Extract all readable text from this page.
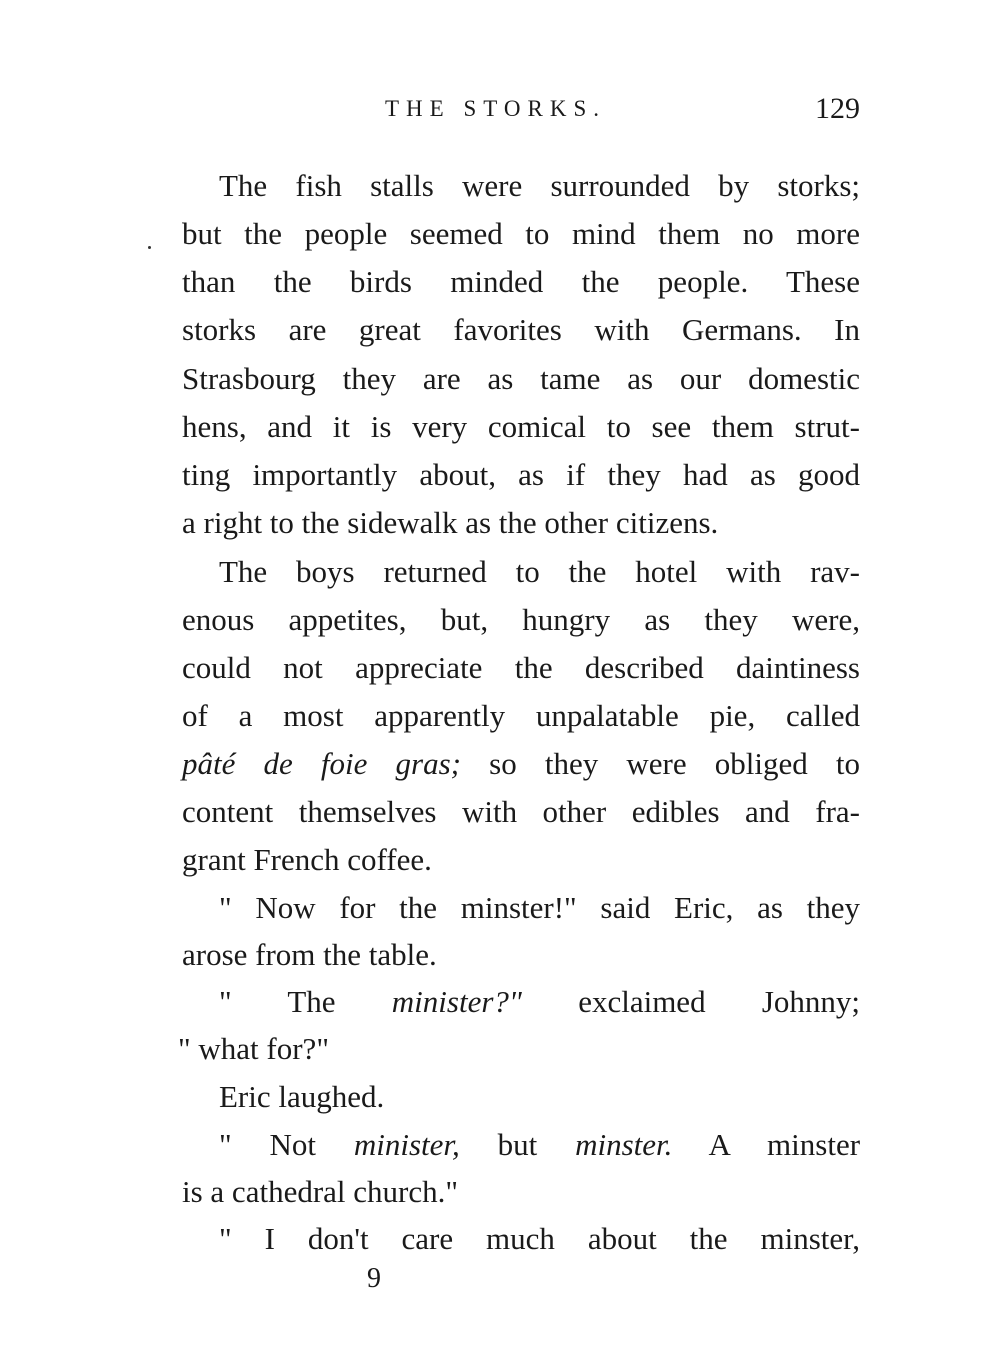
THE STORKS.	129
The fish stalls were surrounded by storks;
but the people seemed to mind them no more
than the birds minded the people. These
storks are great favorites with Germans. In
Strasbourg they are as tame as our domestic
hens, and it is very comical to see them strut-
ting importantly about, as if they had as good
a right to the sidewalk as the other citizens.
The boys returned to the hotel with rav-
enous appetites, but, hungry as they were,
could not appreciate the described daintiness
of a most apparently unpalatable pie, called
pâté de foie gras; so they were obliged to
content themselves with other edibles and fra-
grant French coffee.
" Now for the minster!" said Eric, as they
arose from the table.
" The minister?" exclaimed Johnny;
" what for?"
Eric laughed.
" Not minister, but minster. A minster
is a cathedral church."
" I don't care much about the minster,
9
